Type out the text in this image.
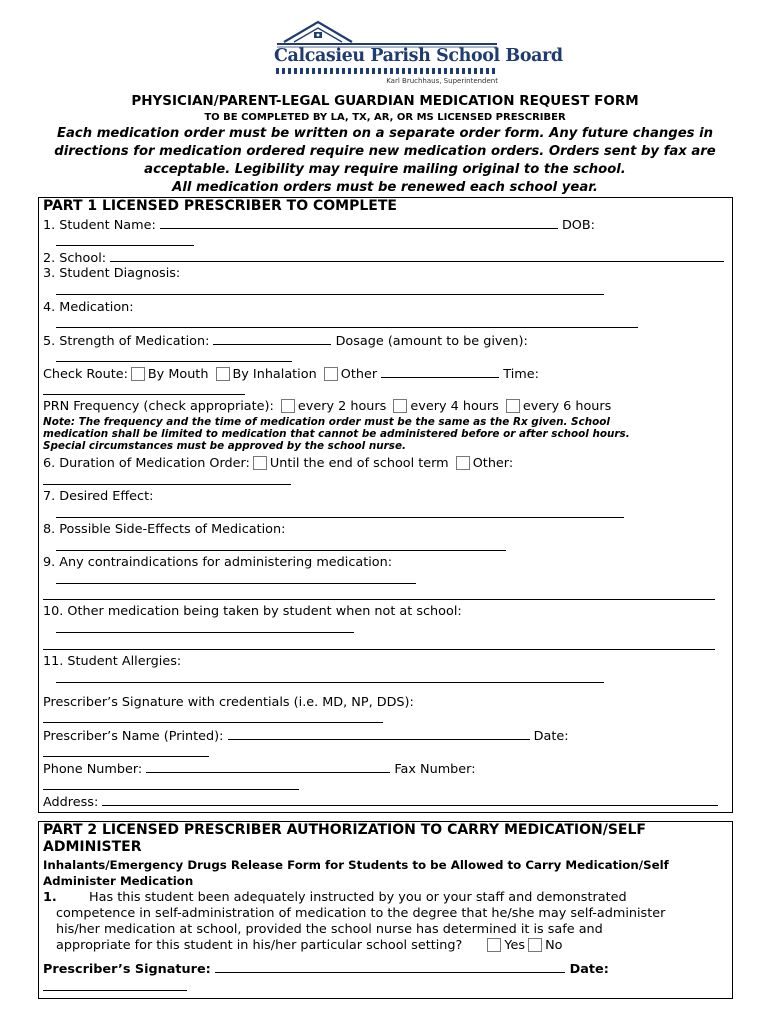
Calcasieu Parish School Board
Karl Bruchhaus, Superintendent
PHYSICIAN/PARENT-LEGAL GUARDIAN MEDICATION REQUEST FORM
TO BE COMPLETED BY LA, TX, AR, OR MS LICENSED PRESCRIBER
Each medication order must be written on a separate order form. Any future changes in
directions for medication ordered require new medication orders. Orders sent by fax are
acceptable. Legibility may require mailing original to the school.
All medication orders must be renewed each school year.
PART 1 LICENSED PRESCRIBER TO COMPLETE
1. Student Name:	DOB:
2. School:
3. Student Diagnosis:
4. Medication:
5. Strength of Medication:	Dosage (amount to be given):
Check Route: By Mouth By Inhalation Other	Time:
PRN Frequency (check appropriate): every 2 hours every 4 hours every 6 hours
Note: The frequency and the time of medication order must be the same as the Rx given. School
medication shall be limited to medication that cannot be administered before or after school hours.
Special circumstances must be approved by the school nurse.
6. Duration of Medication Order: Until the end of school term Other:
7. Desired Effect:
8. Possible Side-Effects of Medication:
9. Any contraindications for administering medication:
10. Other medication being taken by student when not at school:
11. Student Allergies:
Prescriber’s Signature with credentials (i.e. MD, NP, DDS):
Prescriber’s Name (Printed):	Date:
Phone Number:	Fax Number:
Address:
PART 2 LICENSED PRESCRIBER AUTHORIZATION TO CARRY MEDICATION/SELF
ADMINISTER
Inhalants/Emergency Drugs Release Form for Students to be Allowed to Carry Medication/Self
Administer Medication
1.	Has this student been adequately instructed by you or your staff and demonstrated
competence in self-administration of medication to the degree that he/she may self-administer
his/her medication at school, provided the school nurse has determined it is safe and
appropriate for this student in his/her particular school setting?	Yes No
Prescriber’s Signature:	Date:
